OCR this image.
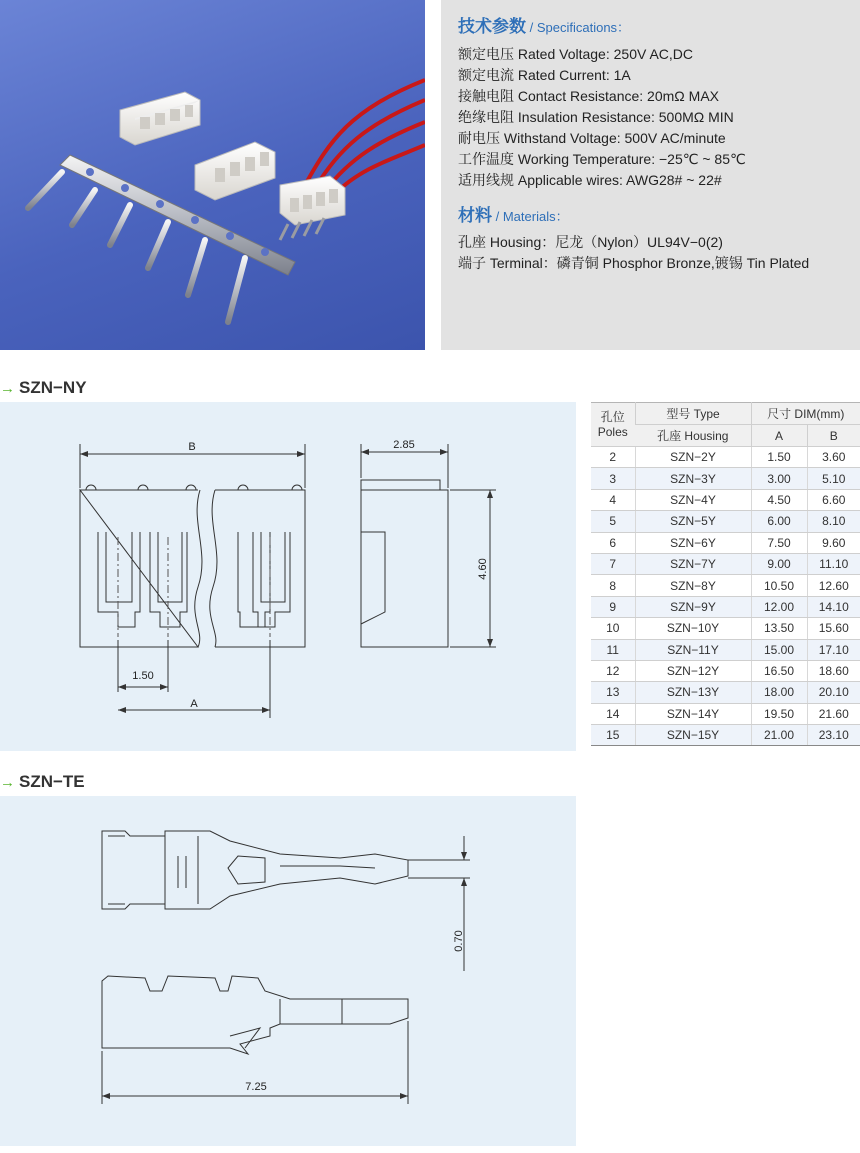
技术参数 / Specifications：
额定电压 Rated Voltage: 250V AC,DC
额定电流 Rated Current: 1A
接触电阻 Contact Resistance: 20mΩ MAX
绝缘电阻 Insulation Resistance: 500MΩ MIN
耐电压 Withstand Voltage: 500V AC/minute
工作温度 Working Temperature: −25℃ ~ 85℃
适用线规 Applicable wires: AWG28# ~ 22#
材料 / Materials：
孔座 Housing：尼龙（Nylon）UL94V−0(2)
端子 Terminal：磷青铜 Phosphor Bronze,镀锡 Tin Plated
→ SZN−NY
B
1.50
A
2.85
4.60
孔位
Poles	型号 Type	尺寸 DIM(mm)	
	孔座 Housing	A	B
2	SZN−2Y	1.50	3.60
3	SZN−3Y	3.00	5.10
4	SZN−4Y	4.50	6.60
5	SZN−5Y	6.00	8.10
6	SZN−6Y	7.50	9.60
7	SZN−7Y	9.00	11.10
8	SZN−8Y	10.50	12.60
9	SZN−9Y	12.00	14.10
10	SZN−10Y	13.50	15.60
11	SZN−11Y	15.00	17.10
12	SZN−12Y	16.50	18.60
13	SZN−13Y	18.00	20.10
14	SZN−14Y	19.50	21.60
15	SZN−15Y	21.00	23.10
→ SZN−TE
0.70
7.25
